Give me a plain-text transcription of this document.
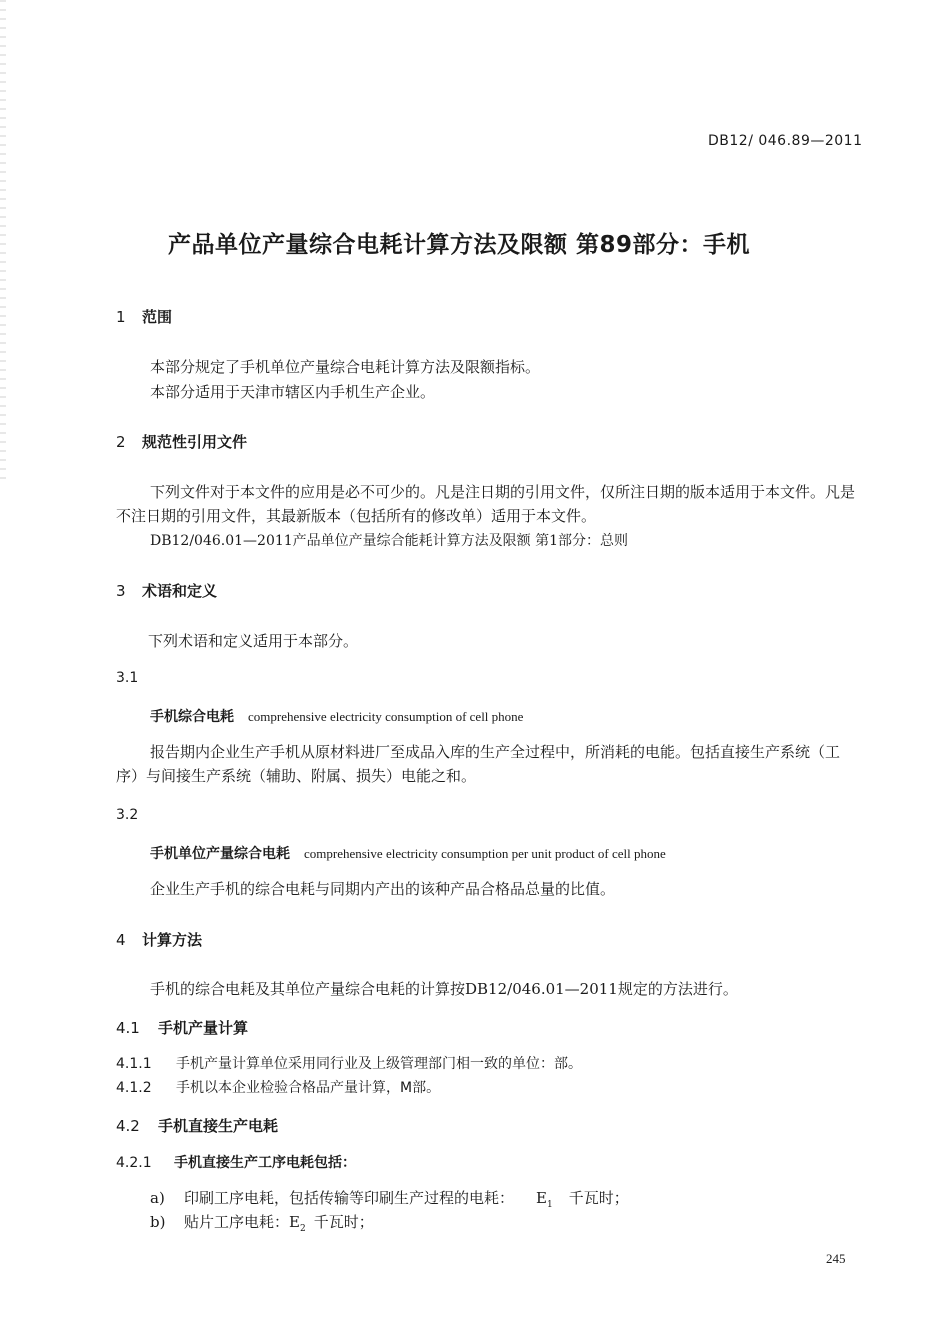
DB12/ 046.89—2011
产品单位产量综合电耗计算方法及限额 第89部分：手机
1 范围
本部分规定了手机单位产量综合电耗计算方法及限额指标。
本部分适用于天津市辖区内手机生产企业。
2 规范性引用文件
下列文件对于本文件的应用是必不可少的。凡是注日期的引用文件，仅所注日期的版本适用于本文件。凡是不注日期的引用文件，其最新版本（包括所有的修改单）适用于本文件。
DB12/046.01—2011产品单位产量综合能耗计算方法及限额 第1部分：总则
3 术语和定义
下列术语和定义适用于本部分。
3.1
手机综合电耗 comprehensive electricity consumption of cell phone
报告期内企业生产手机从原材料进厂至成品入库的生产全过程中，所消耗的电能。包括直接生产系统（工序）与间接生产系统（辅助、附属、损失）电能之和。
3.2
手机单位产量综合电耗 comprehensive electricity consumption per unit product of cell phone
企业生产手机的综合电耗与同期内产出的该种产品合格品总量的比值。
4 计算方法
手机的综合电耗及其单位产量综合电耗的计算按DB12/046.01—2011规定的方法进行。
4.1 手机产量计算
4.1.1 手机产量计算单位采用同行业及上级管理部门相一致的单位：部。
4.1.2 手机以本企业检验合格品产量计算，M部。
4.2 手机直接生产电耗
4.2.1 手机直接生产工序电耗包括：
a) 印刷工序电耗，包括传输等印刷生产过程的电耗： $E_1$ 千瓦时；
b) 贴片工序电耗：$E_2$ 千瓦时；
245
